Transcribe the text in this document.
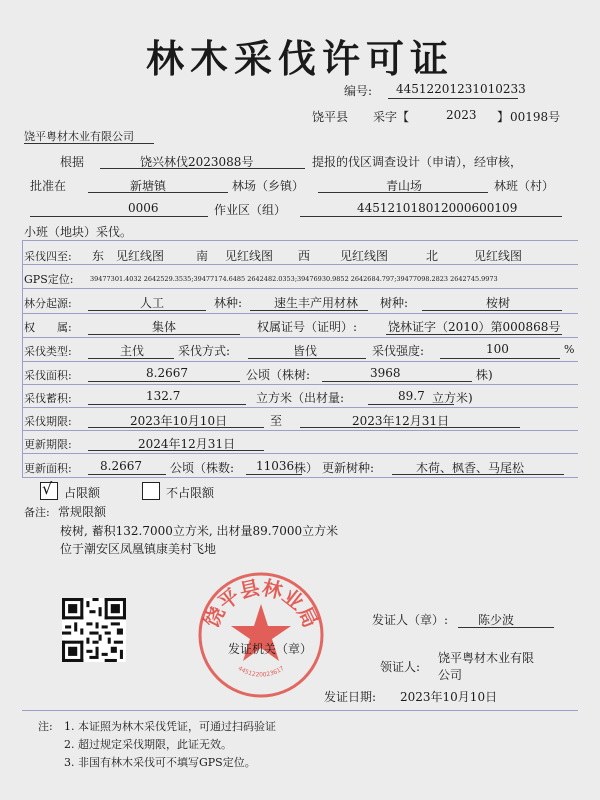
林木采伐许可证
编号: 4451220123101023​3
饶平县 采字【	2023 】 00198号
饶平粤材木业有限公司
根据	饶兴林伐2023088号	提报的伐区调查设计（申请），经审核，
批准在	新塘镇	林场（乡镇）	青山场	林班（村）
0006	作业区（组）	44512101801200060010​9
小班（地块）采伐。
采伐四至: 东 见红线图	南 见红线图 西 见红线图	北	见红线图
GPS定位:	39477301.4032 2642529.3535;39477174.6485 2642482.0353;39476930.9852 2642684.797;39477098.2823 2642745.9973
林分起源:	人工	林种:	速生丰产用材林 树种:	桉树
权　　属:	集体	权属证号（证明）:	饶林证字（2010）第000868号
采伐类型:	主伐	采伐方式:	皆伐	采伐强度:	100	%
采伐面积:	8.2667	公顷（株树:	3968	株)
采伐蓄积:	132.7	立方米（出材量:	89.7 立方米)
采伐期限:	2023年10月10日	至	2023年12月31日
更新期限:	2024年12月31日
更新面积: 8.2667 公顷（株数: 11036 株） 更新树种:	木荷、枫香、马尾松
√ 占限额	不占限额
备注: 常规限额
桉树, 蓄积132.7000立方米, 出材量89.7000立方米
位于潮安区凤凰镇康美村飞地
饶平县林业局
4451220023617
发证人（章）: 陈少波
发证机关（章）
领证人:
饶平粤材木业有限
公司
发证日期: 2023年10月10日
注: 1. 本证照为林木采伐凭证，可通过扫码验证
2. 超过规定采伐期限，此证无效。
3. 非国有林木采伐可不填写GPS定位。
